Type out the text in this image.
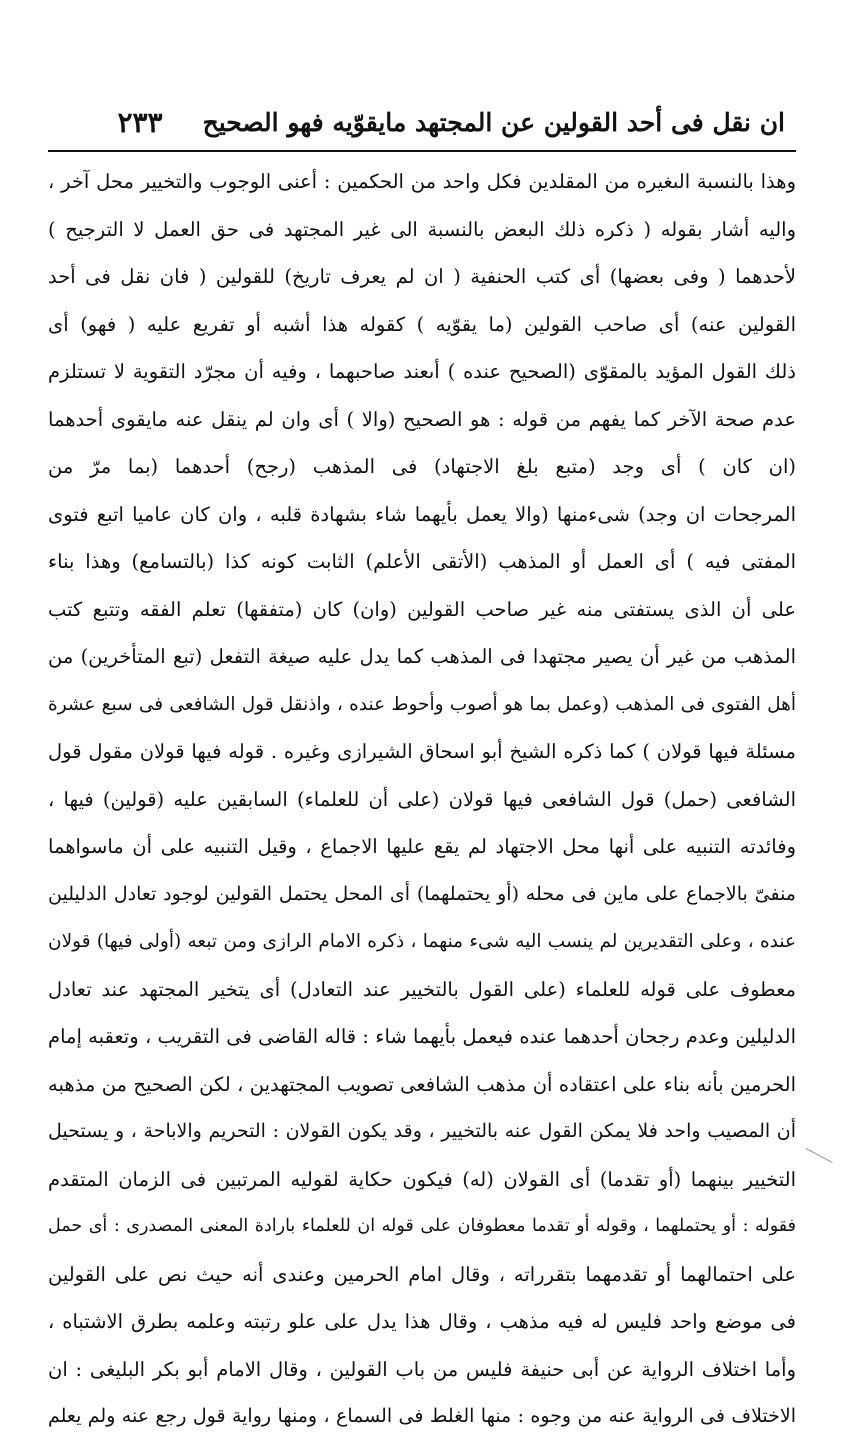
ان نقل فى أحد القولين عن المجتهد مايقوّيه فهو الصحيح
٢٣٣
وهذا بالنسبة الىغيره من المقلدين فكل واحد من الحكمين : أعنى الوجوب والتخيير محل آخر ،
واليه أشار بقوله ( ذكره ذلك البعض بالنسبة الى غير المجتهد فى حق العمل لا الترجيح )
لأحدهما ( وفى بعضها) أى كتب الحنفية ( ان لم يعرف تاريخ) للقولين ( فان نقل فى أحد
القولين عنه) أى صاحب القولين (ما يقوّيه ) كقوله هذا أشبه أو تفريع عليه ( فهو) أى
ذلك القول المؤيد بالمقوّى (الصحيح عنده ) أىعند صاحبهما ، وفيه أن مجرّد التقوية لا تستلزم
عدم صحة الآخر كما يفهم من قوله : هو الصحيح (والا ) أى وان لم ينقل عنه مايقوى أحدهما
(ان كان ) أى وجد (متبع بلغ الاجتهاد) فى المذهب (رجح) أحدهما (بما مرّ من
المرجحات ان وجد) شىءمنها (والا يعمل بأيهما شاء بشهادة قلبه ، وان كان عاميا اتبع فتوى
المفتى فيه ) أى العمل أو المذهب (الأتقى الأعلم) الثابت كونه كذا (بالتسامع) وهذا بناء
على أن الذى يستفتى منه غير صاحب القولين (وان) كان (متفقها) تعلم الفقه وتتبع كتب
المذهب من غير أن يصير مجتهدا فى المذهب كما يدل عليه صيغة التفعل (تبع المتأخرين) من
أهل الفتوى فى المذهب (وعمل بما هو أصوب وأحوط عنده ، واذنقل قول الشافعى فى سبع عشرة
مسئلة فيها قولان ) كما ذكره الشيخ أبو اسحاق الشيرازى وغيره . قوله فيها قولان مقول قول
الشافعى (حمل) قول الشافعى فيها قولان (على أن للعلماء) السابقين عليه (قولين) فيها ،
وفائدته التنبيه على أنها محل الاجتهاد لم يقع عليها الاجماع ، وقيل التنبيه على أن ماسواهما
منفىّ بالاجماع على ماين فى محله (أو يحتملهما) أى المحل يحتمل القولين لوجود تعادل الدليلين
عنده ، وعلى التقديرين لم ينسب اليه شىء منهما ، ذكره الامام الرازى ومن تبعه (أولى فيها) قولان
معطوف على قوله للعلماء (على القول بالتخيير عند التعادل) أى يتخير المجتهد عند تعادل
الدليلين وعدم رجحان أحدهما عنده فيعمل بأيهما شاء : قاله القاضى فى التقريب ، وتعقبه إمام
الحرمين بأنه بناء على اعتقاده أن مذهب الشافعى تصويب المجتهدين ، لكن الصحيح من مذهبه
أن المصيب واحد فلا يمكن القول عنه بالتخيير ، وقد يكون القولان : التحريم والاباحة ، و يستحيل
التخيير بينهما (أو تقدما) أى القولان (له) فيكون حكاية لقوليه المرتبين فى الزمان المتقدم
فقوله : أو يحتملهما ، وقوله أو تقدما معطوفان على قوله ان للعلماء بارادة المعنى المصدرى : أى حمل
على احتمالهما أو تقدمهما بتقرراته ، وقال امام الحرمين وعندى أنه حيث نص على القولين
فى موضع واحد فليس له فيه مذهب ، وقال هذا يدل على علو رتبته وعلمه بطرق الاشتباه ،
وأما اختلاف الرواية عن أبى حنيفة فليس من باب القولين ، وقال الامام أبو بكر البليغى : ان
الاختلاف فى الرواية عنه من وجوه : منها الغلط فى السماع ، ومنها رواية قول رجع عنه ولم يعلم
